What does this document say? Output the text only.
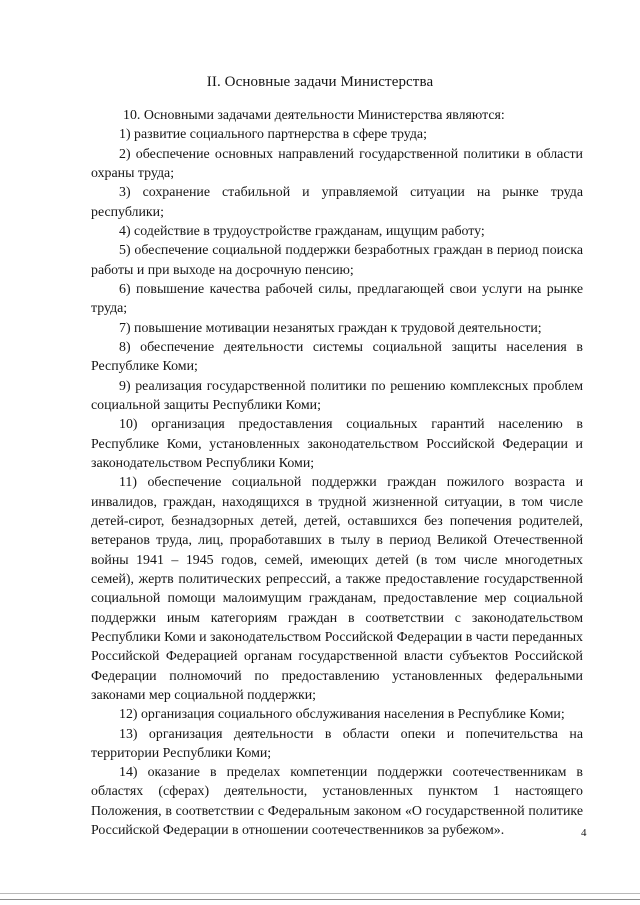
II. Основные задачи Министерства

10. Основными задачами деятельности Министерства являются:

1) развитие социального партнерства в сфере труда;

2) обеспечение основных направлений государственной политики в области охраны труда;

3) сохранение стабильной и управляемой ситуации на рынке труда республики;

4) содействие в трудоустройстве гражданам, ищущим работу;

5) обеспечение социальной поддержки безработных граждан в период поиска работы и при выходе на досрочную пенсию;

6) повышение качества рабочей силы, предлагающей свои услуги на рынке труда;

7) повышение мотивации незанятых граждан к трудовой деятельности;

8) обеспечение деятельности системы социальной защиты населения в Республике Коми;

9) реализация государственной политики по решению комплексных проблем социальной защиты Республики Коми;

10) организация предоставления социальных гарантий населению в Республике Коми, установленных законодательством Российской Федерации и законодательством Республики Коми;

11) обеспечение социальной поддержки граждан пожилого возраста и инвалидов, граждан, находящихся в трудной жизненной ситуации, в том числе детей-сирот, безнадзорных детей, детей, оставшихся без попечения родителей, ветеранов труда, лиц, проработавших в тылу в период Великой Отечественной войны 1941 – 1945 годов, семей, имеющих детей (в том числе многодетных семей), жертв политических репрессий, а также предоставление государственной социальной помощи малоимущим гражданам, предоставление мер социальной поддержки иным категориям граждан в соответствии с законодательством Республики Коми и законодательством Российской Федерации в части переданных Российской Федерацией органам государственной власти субъектов Российской Федерации полномочий по предоставлению установленных федеральными законами мер социальной поддержки;

12) организация социального обслуживания населения в Республике Коми;

13) организация деятельности в области опеки и попечительства на территории Республики Коми;

14) оказание в пределах компетенции поддержки соотечественникам в областях (сферах) деятельности, установленных пунктом 1 настоящего Положения, в соответствии с Федеральным законом «О государственной политике Российской Федерации в отношении соотечественников за рубежом».	4
